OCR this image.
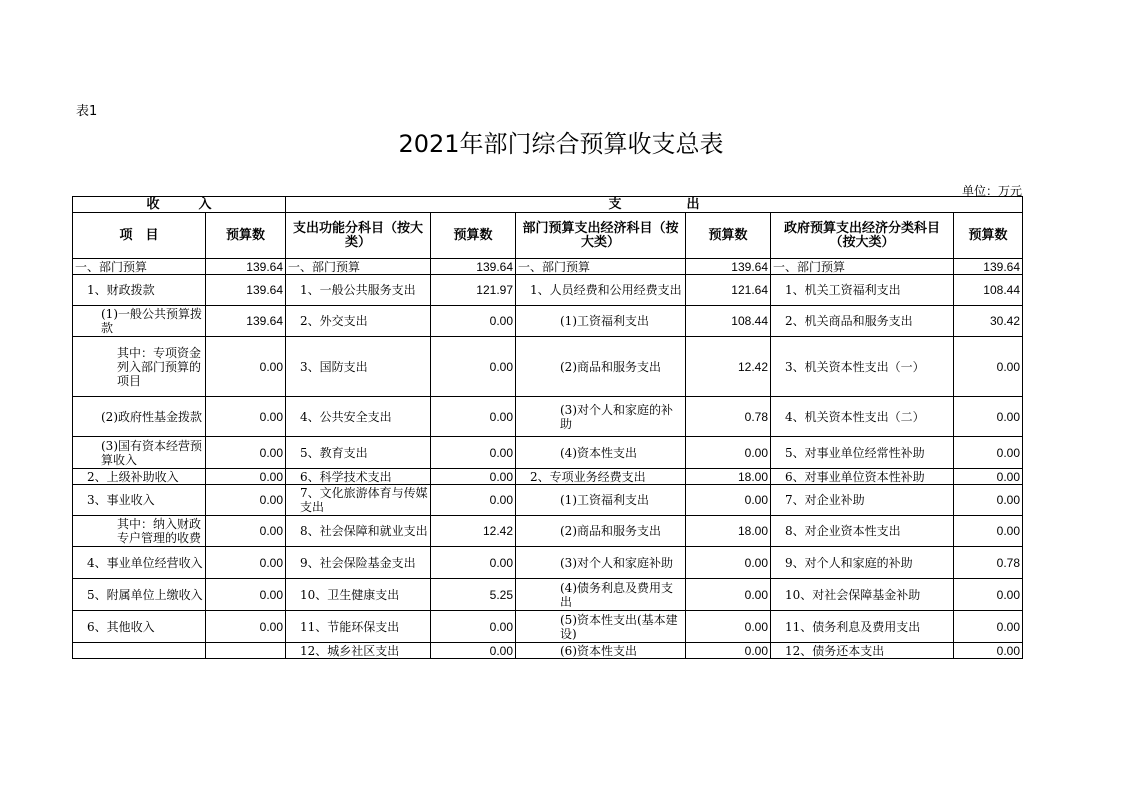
表1
2021年部门综合预算收支总表
单位：万元
收　　　入		支　　　　　出					
项　目	预算数	支出功能分科目（按大类）	预算数	部门预算支出经济科目（按大类）	预算数	政府预算支出经济分类科目（按大类）	预算数
一、部门预算	139.64	一、部门预算	139.64	一、部门预算	139.64	一、部门预算	139.64
1、财政拨款	139.64	1、一般公共服务支出	121.97	1、人员经费和公用经费支出	121.64	1、机关工资福利支出	108.44
(1)一般公共预算拨款	139.64	2、外交支出	0.00	(1)工资福利支出	108.44	2、机关商品和服务支出	30.42
其中：专项资金列入部门预算的项目	0.00	3、国防支出	0.00	(2)商品和服务支出	12.42	3、机关资本性支出（一）	0.00
(2)政府性基金拨款	0.00	4、公共安全支出	0.00	(3)对个人和家庭的补助	0.78	4、机关资本性支出（二）	0.00
(3)国有资本经营预算收入	0.00	5、教育支出	0.00	(4)资本性支出	0.00	5、对事业单位经常性补助	0.00
2、上级补助收入	0.00	6、科学技术支出	0.00	2、专项业务经费支出	18.00	6、对事业单位资本性补助	0.00
3、事业收入	0.00	7、文化旅游体育与传媒支出	0.00	(1)工资福利支出	0.00	7、对企业补助	0.00
其中：纳入财政专户管理的收费	0.00	8、社会保障和就业支出	12.42	(2)商品和服务支出	18.00	8、对企业资本性支出	0.00
4、事业单位经营收入	0.00	9、社会保险基金支出	0.00	(3)对个人和家庭补助	0.00	9、对个人和家庭的补助	0.78
5、附属单位上缴收入	0.00	10、卫生健康支出	5.25	(4)债务利息及费用支出	0.00	10、对社会保障基金补助	0.00
6、其他收入	0.00	11、节能环保支出	0.00	(5)资本性支出(基本建设)	0.00	11、债务利息及费用支出	0.00
		12、城乡社区支出	0.00	(6)资本性支出	0.00	12、债务还本支出	0.00
